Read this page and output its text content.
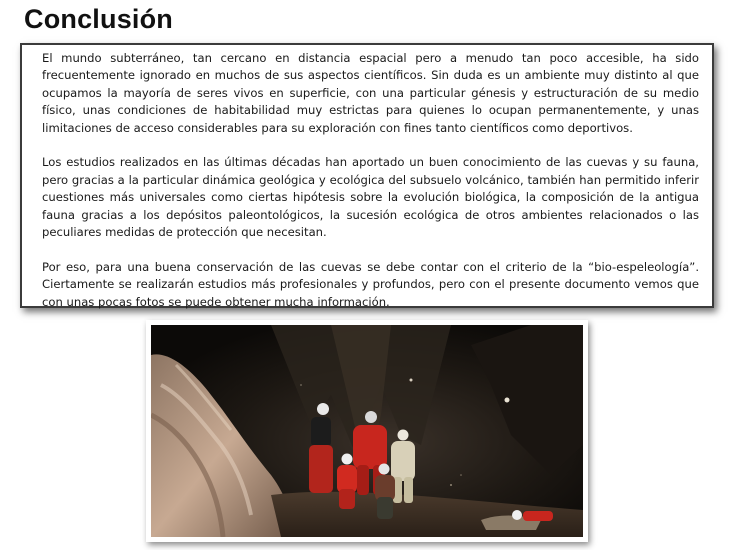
Conclusión

El mundo subterráneo, tan cercano en distancia espacial pero a menudo tan poco accesible, ha sido frecuentemente ignorado en muchos de sus aspectos científicos. Sin duda es un ambiente muy distinto al que ocupamos la mayoría de seres vivos en superficie, con una particular génesis y estructuración de su medio físico, unas condiciones de habitabilidad muy estrictas para quienes lo ocupan permanentemente, y unas limitaciones de acceso considerables para su exploración con fines tanto científicos como deportivos.

Los estudios realizados en las últimas décadas han aportado un buen conocimiento de las cuevas y su fauna, pero gracias a la particular dinámica geológica y ecológica del subsuelo volcánico, también han permitido inferir cuestiones más universales como ciertas hipótesis sobre la evolución biológica, la composición de la antigua fauna gracias a los depósitos paleontológicos, la sucesión ecológica de otros ambientes relacionados o las peculiares medidas de protección que necesitan.

Por eso, para una buena conservación de las cuevas se debe contar con el criterio de la “bio-espeleología”. Ciertamente se realizarán estudios más profesionales y profundos, pero con el presente documento vemos que con unas pocas fotos se puede obtener mucha información.
